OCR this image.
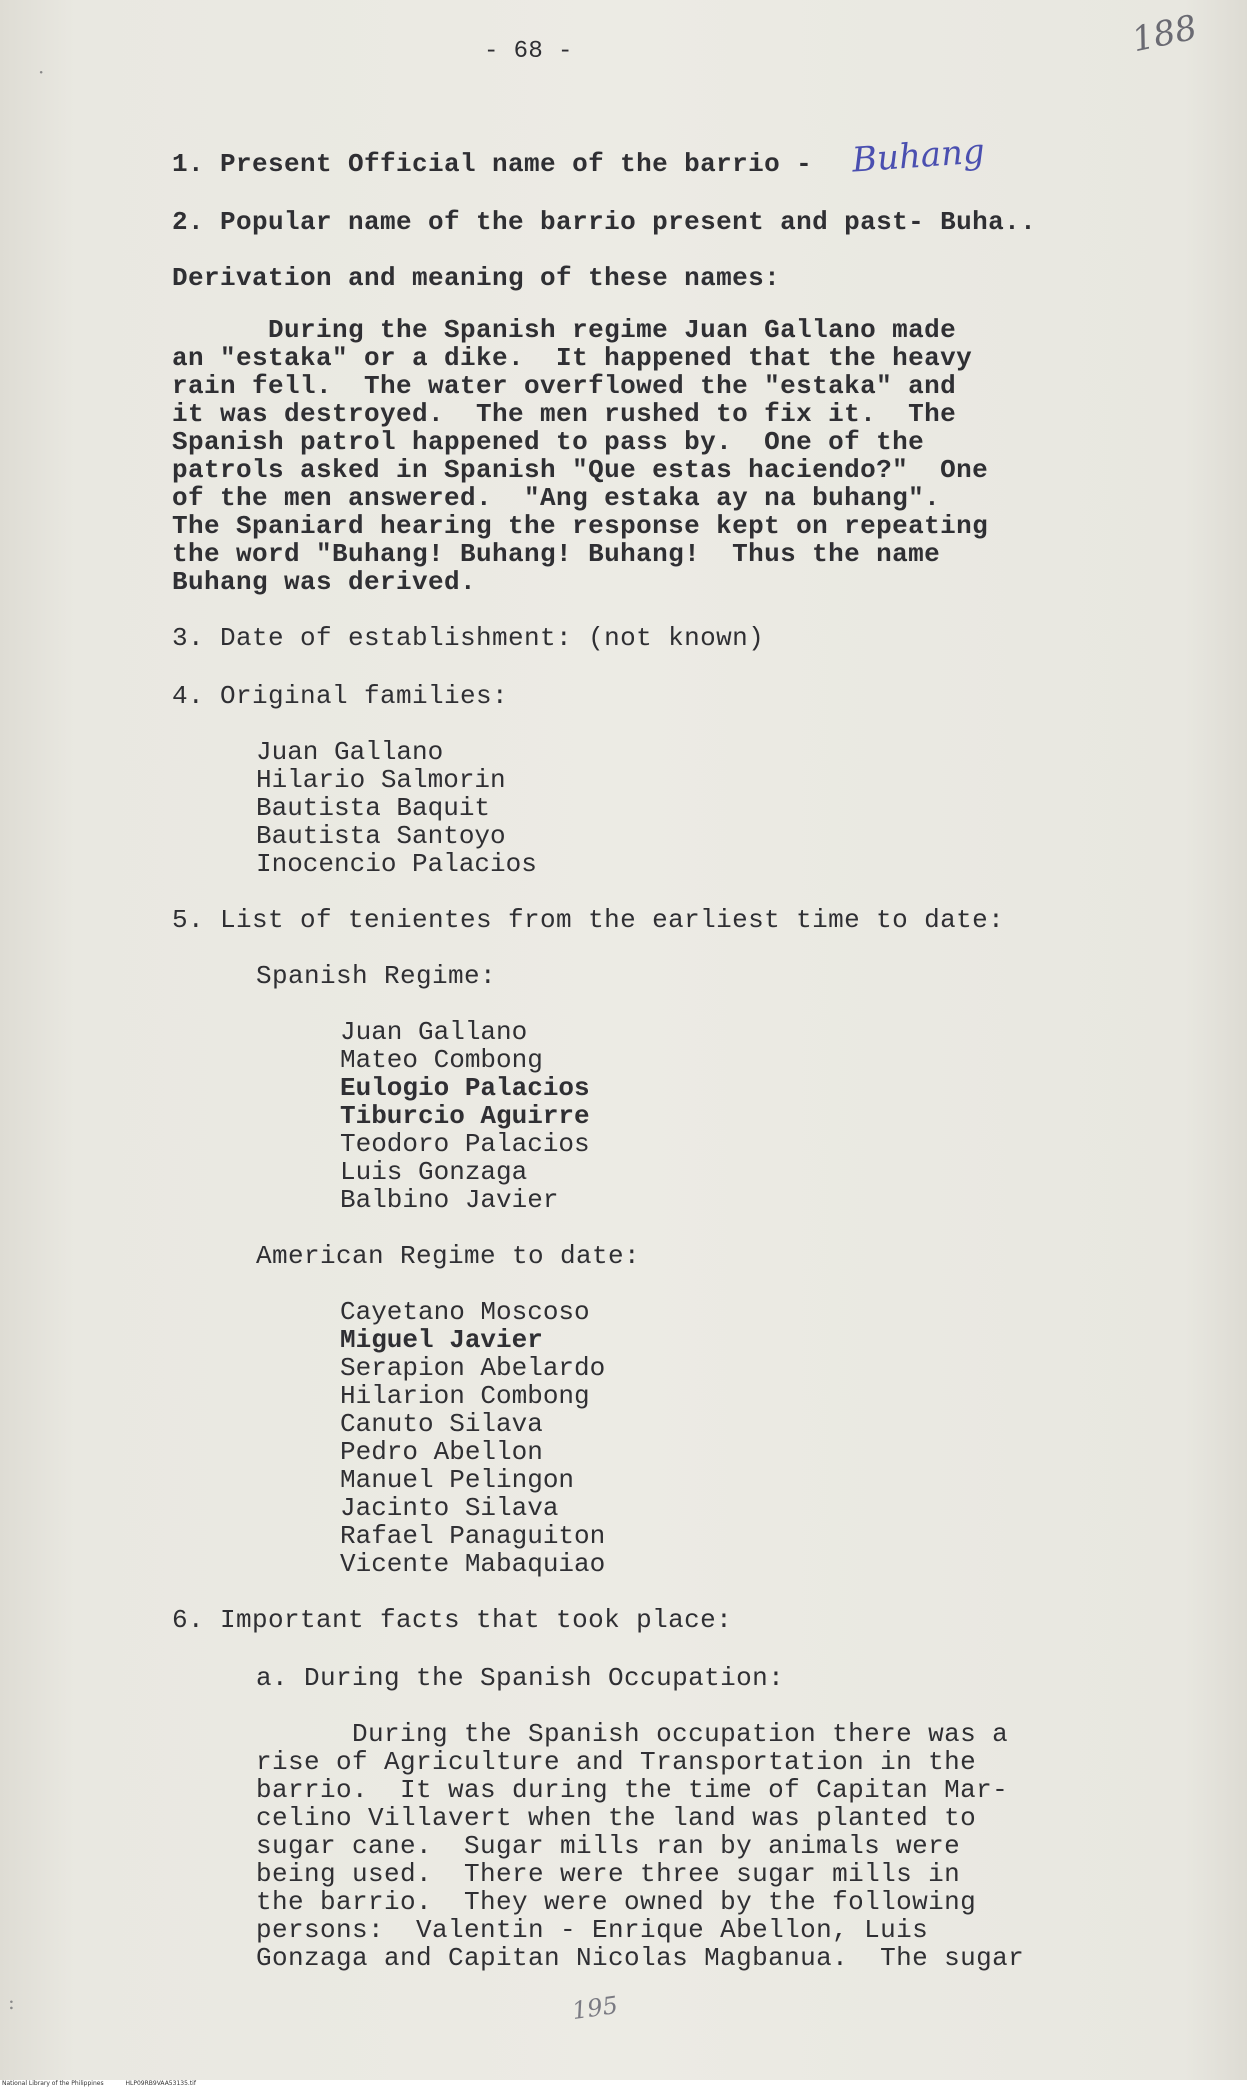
- 68 -	188
1. Present Official name of the barrio - Buhang
2. Popular name of the barrio present and past- Buha..
Derivation and meaning of these names:
During the Spanish regime Juan Gallano made
an "estaka" or a dike.  It happened that the heavy
rain fell.  The water overflowed the "estaka" and
it was destroyed.  The men rushed to fix it.  The
Spanish patrol happened to pass by.  One of the
patrols asked in Spanish "Que estas haciendo?"  One
of the men answered.  "Ang estaka ay na buhang".
The Spaniard hearing the response kept on repeating
the word "Buhang! Buhang! Buhang!  Thus the name
Buhang was derived.
3. Date of establishment: (not known)
4. Original families:
Juan Gallano
Hilario Salmorin
Bautista Baquit
Bautista Santoyo
Inocencio Palacios
5. List of tenientes from the earliest time to date:
Spanish Regime:
Juan Gallano
Mateo Combong
Eulogio Palacios
Tiburcio Aguirre
Teodoro Palacios
Luis Gonzaga
Balbino Javier
American Regime to date:
Cayetano Moscoso
Miguel Javier
Serapion Abelardo
Hilarion Combong
Canuto Silava
Pedro Abellon
Manuel Pelingon
Jacinto Silava
Rafael Panaguiton
Vicente Mabaquiao
6. Important facts that took place:
a. During the Spanish Occupation:
During the Spanish occupation there was a
rise of Agriculture and Transportation in the
barrio.  It was during the time of Capitan Mar-
celino Villavert when the land was planted to
sugar cane.  Sugar mills ran by animals were
being used.  There were three sugar mills in
the barrio.  They were owned by the following
persons:  Valentin - Enrique Abellon, Luis
Gonzaga and Capitan Nicolas Magbanua.  The sugar
195
·
:
National Library of the Philippines	HLP09RB9VAA53135.tif
